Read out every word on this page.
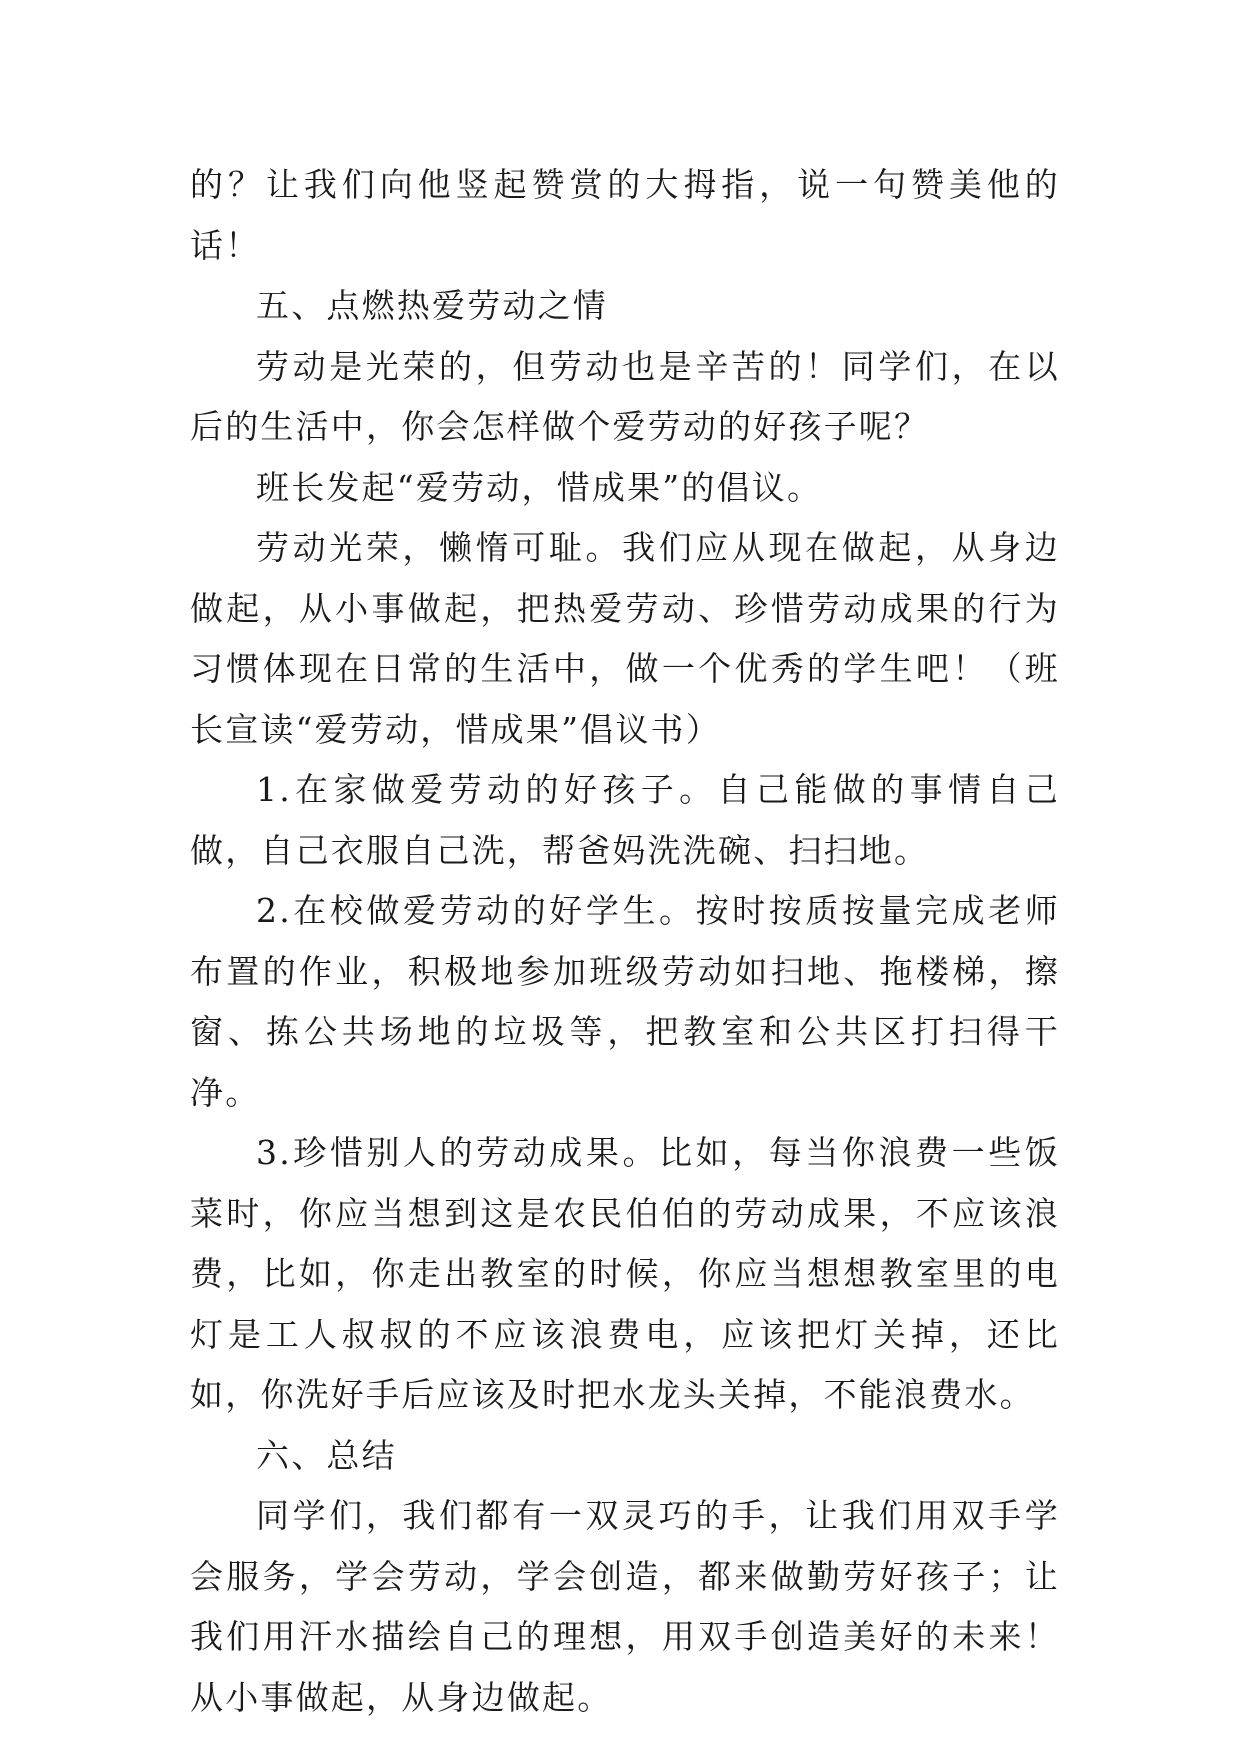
的？让我们向他竖起赞赏的大拇指，说一句赞美他的话！

五、点燃热爱劳动之情

劳动是光荣的，但劳动也是辛苦的！同学们，在以后的生活中，你会怎样做个爱劳动的好孩子呢？

班长发起“爱劳动，惜成果”的倡议。

劳动光荣，懒惰可耻。我们应从现在做起，从身边做起，从小事做起，把热爱劳动、珍惜劳动成果的行为习惯体现在日常的生活中，做一个优秀的学生吧！（班长宣读“爱劳动，惜成果”倡议书）

1.在家做爱劳动的好孩子。自己能做的事情自己做，自己衣服自己洗，帮爸妈洗洗碗、扫扫地。

2.在校做爱劳动的好学生。按时按质按量完成老师布置的作业，积极地参加班级劳动如扫地、拖楼梯，擦窗、拣公共场地的垃圾等，把教室和公共区打扫得干净。

3.珍惜别人的劳动成果。比如，每当你浪费一些饭菜时，你应当想到这是农民伯伯的劳动成果，不应该浪费，比如，你走出教室的时候，你应当想想教室里的电灯是工人叔叔的不应该浪费电，应该把灯关掉，还比如，你洗好手后应该及时把水龙头关掉，不能浪费水。

六、总结

同学们，我们都有一双灵巧的手，让我们用双手学会服务，学会劳动，学会创造，都来做勤劳好孩子；让我们用汗水描绘自己的理想，用双手创造美好的未来！从小事做起，从身边做起。
